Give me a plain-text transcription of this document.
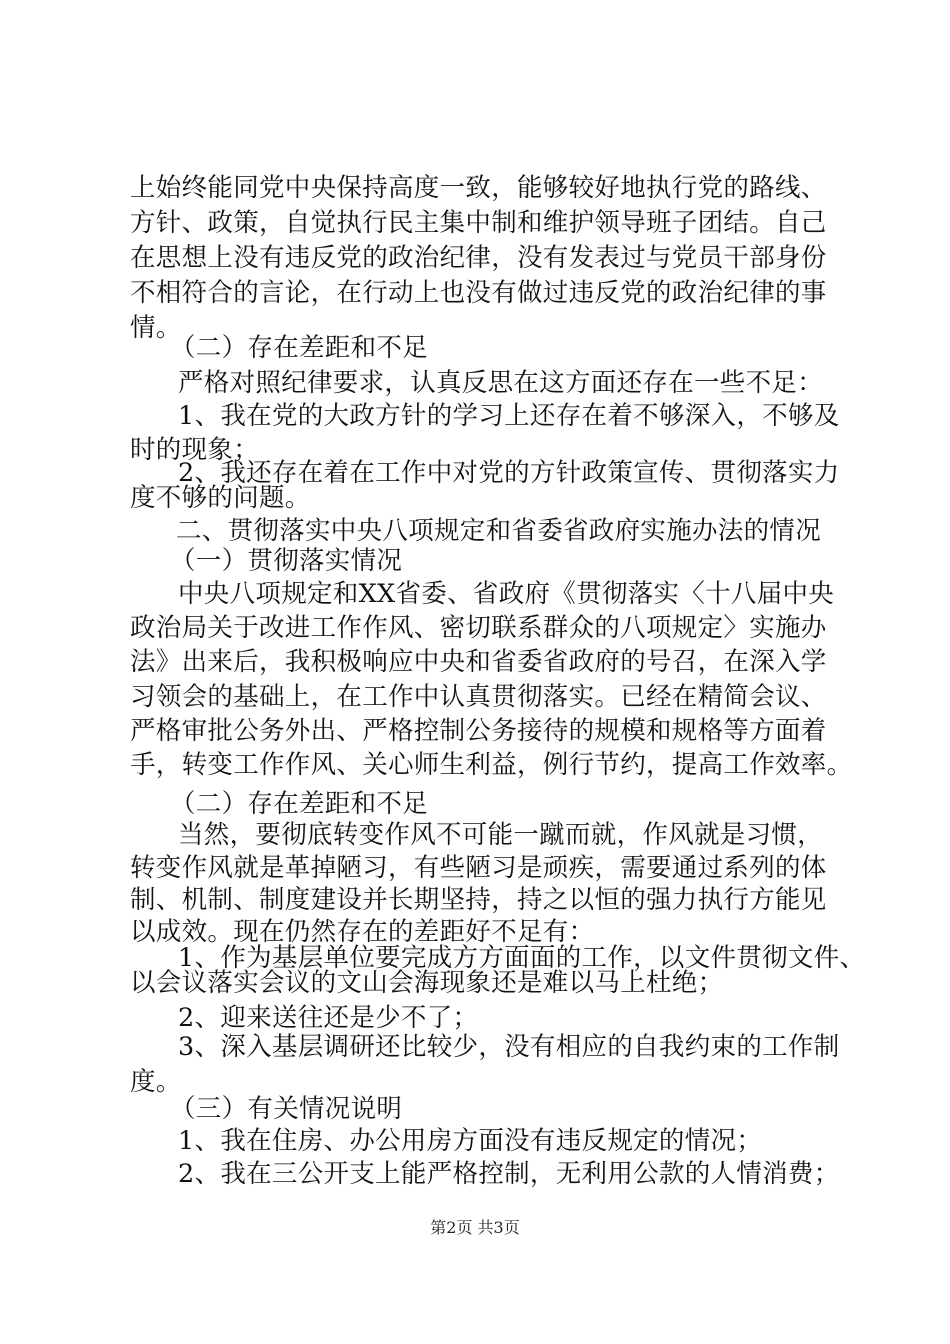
上始终能同党中央保持高度一致，能够较好地执行党的路线、
方针、政策，自觉执行民主集中制和维护领导班子团结。自己
在思想上没有违反党的政治纪律，没有发表过与党员干部身份
不相符合的言论，在行动上也没有做过违反党的政治纪律的事
情。
（二）存在差距和不足
严格对照纪律要求，认真反思在这方面还存在一些不足：
1、我在党的大政方针的学习上还存在着不够深入，不够及
时的现象；
2、我还存在着在工作中对党的方针政策宣传、贯彻落实力
度不够的问题。
二、贯彻落实中央八项规定和省委省政府实施办法的情况
（一）贯彻落实情况
中央八项规定和XX省委、省政府《贯彻落实〈十八届中央
政治局关于改进工作作风、密切联系群众的八项规定〉实施办
法》出来后，我积极响应中央和省委省政府的号召，在深入学
习领会的基础上，在工作中认真贯彻落实。已经在精简会议、
严格审批公务外出、严格控制公务接待的规模和规格等方面着
手，转变工作作风、关心师生利益，例行节约，提高工作效率。
（二）存在差距和不足
当然，要彻底转变作风不可能一蹴而就，作风就是习惯，
转变作风就是革掉陋习，有些陋习是顽疾，需要通过系列的体
制、机制、制度建设并长期坚持，持之以恒的强力执行方能见
以成效。现在仍然存在的差距好不足有：
1、作为基层单位要完成方方面面的工作，以文件贯彻文件、
以会议落实会议的文山会海现象还是难以马上杜绝；
2、迎来送往还是少不了；
3、深入基层调研还比较少，没有相应的自我约束的工作制
度。
（三）有关情况说明
1、我在住房、办公用房方面没有违反规定的情况；
2、我在三公开支上能严格控制，无利用公款的人情消费；
第2页 共3页
